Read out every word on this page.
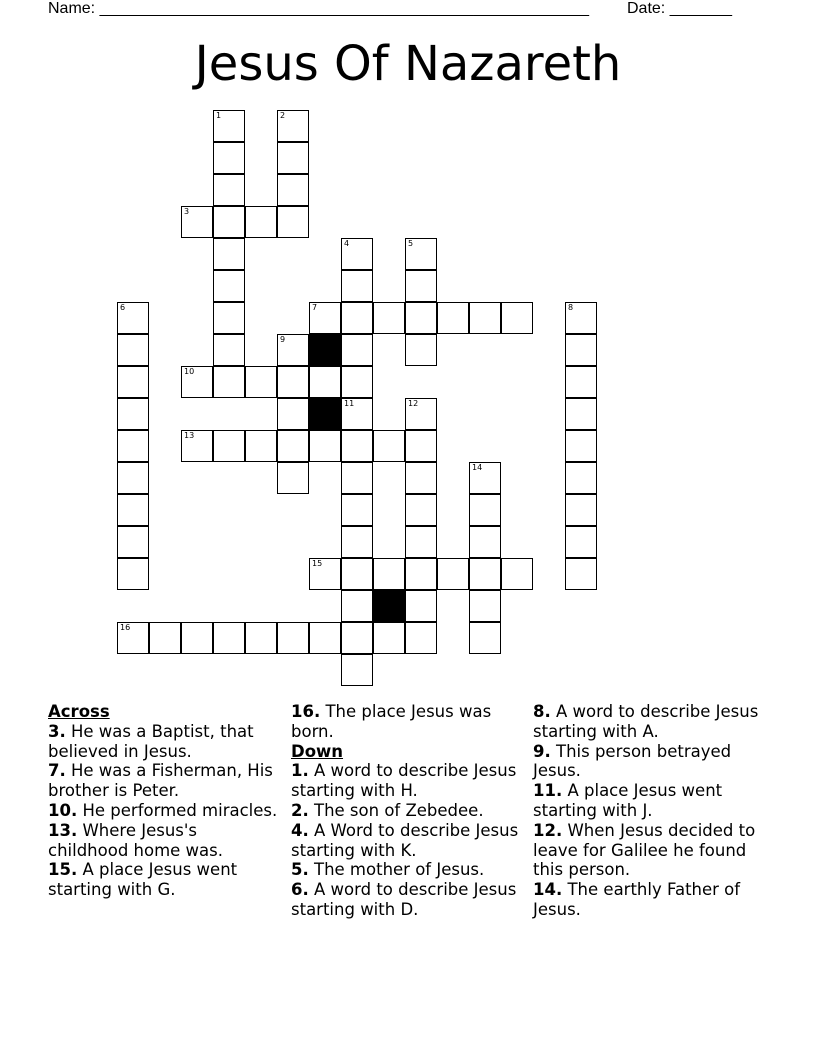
Name: _______________________________________________________ Date: _______
Jesus Of Nazareth
1	2
3
4
11
5
6	7	8
9
10
12
13
14
15
16
Across
3. He was a Baptist, that believed in Jesus.
7. He was a Fisherman, His brother is Peter.
10. He performed miracles.
13. Where Jesus's childhood home was.
15. A place Jesus went starting with G.
16. The place Jesus was born.
Down
1. A word to describe Jesus starting with H.
2. The son of Zebedee.
4. A Word to describe Jesus starting with K.
5. The mother of Jesus.
6. A word to describe Jesus starting with D.
8. A word to describe Jesus starting with A.
9. This person betrayed Jesus.
11. A place Jesus went starting with J.
12. When Jesus decided to leave for Galilee he found this person.
14. The earthly Father of Jesus.
